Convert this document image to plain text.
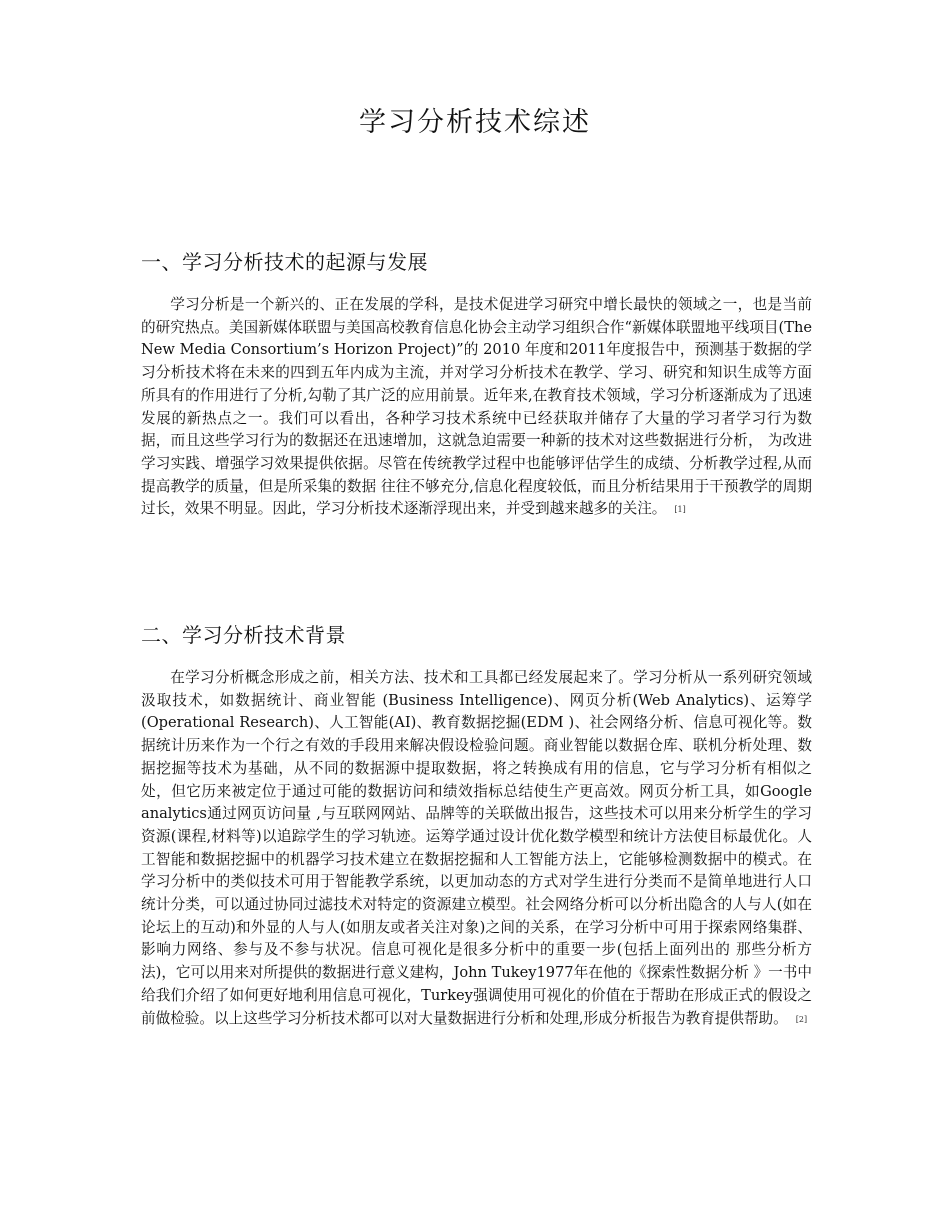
学习分析技术综述
一、学习分析技术的起源与发展

学习分析是一个新兴的、正在发展的学科，是技术促进学习研究中增长最快的领域之一，也是当前的研究热点。美国新媒体联盟与美国高校教育信息化协会主动学习组织合作“新媒体联盟地平线项目(The New Media Consortium’s Horizon Project)”的 2010 年度和2011年度报告中，预测基于数据的学习分析技术将在未来的四到五年内成为主流，并对学习分析技术在教学、学习、研究和知识生成等方面所具有的作用进行了分析,勾勒了其广泛的应用前景。近年来,在教育技术领域，学习分析逐渐成为了迅速发展的新热点之一。我们可以看出，各种学习技术系统中已经获取并储存了大量的学习者学习行为数据，而且这些学习行为的数据还在迅速增加，这就急迫需要一种新的技术对这些数据进行分析， 为改进学习实践、增强学习效果提供依据。尽管在传统教学过程中也能够评估学生的成绩、分析教学过程,从而提高教学的质量，但是所采集的数据 往往不够充分,信息化程度较低，而且分析结果用于干预教学的周期过长，效果不明显。因此，学习分析技术逐渐浮现出来，并受到越来越多的关注。 [1]

二、学习分析技术背景

在学习分析概念形成之前，相关方法、技术和工具都已经发展起来了。学习分析从一系列研究领域汲取技术，如数据统计、商业智能 (Business Intelligence)、网页分析(Web Analytics)、运筹学(Operational Research)、人工智能(AI)、教育数据挖掘(EDM )、社会网络分析、信息可视化等。数据统计历来作为一个行之有效的手段用来解决假设检验问题。商业智能以数据仓库、联机分析处理、数据挖掘等技术为基础，从不同的数据源中提取数据，将之转换成有用的信息，它与学习分析有相似之处，但它历来被定位于通过可能的数据访问和绩效指标总结使生产更高效。网页分析工具，如Google analytics通过网页访问量 ,与互联网网站、品牌等的关联做出报告，这些技术可以用来分析学生的学习资源(课程,材料等)以追踪学生的学习轨迹。运筹学通过设计优化数学模型和统计方法使目标最优化。人工智能和数据挖掘中的机器学习技术建立在数据挖掘和人工智能方法上，它能够检测数据中的模式。在学习分析中的类似技术可用于智能教学系统，以更加动态的方式对学生进行分类而不是简单地进行人口统计分类，可以通过协同过滤技术对特定的资源建立模型。社会网络分析可以分析出隐含的人与人(如在论坛上的互动)和外显的人与人(如朋友或者关注对象)之间的关系，在学习分析中可用于探索网络集群、影响力网络、参与及不参与状况。信息可视化是很多分析中的重要一步(包括上面列出的 那些分析方法)，它可以用来对所提供的数据进行意义建构，John Tukey1977年在他的《探索性数据分析 》一书中给我们介绍了如何更好地利用信息可视化，Turkey强调使用可视化的价值在于帮助在形成正式的假设之前做检验。以上这些学习分析技术都可以对大量数据进行分析和处理,形成分析报告为教育提供帮助。 [2]
